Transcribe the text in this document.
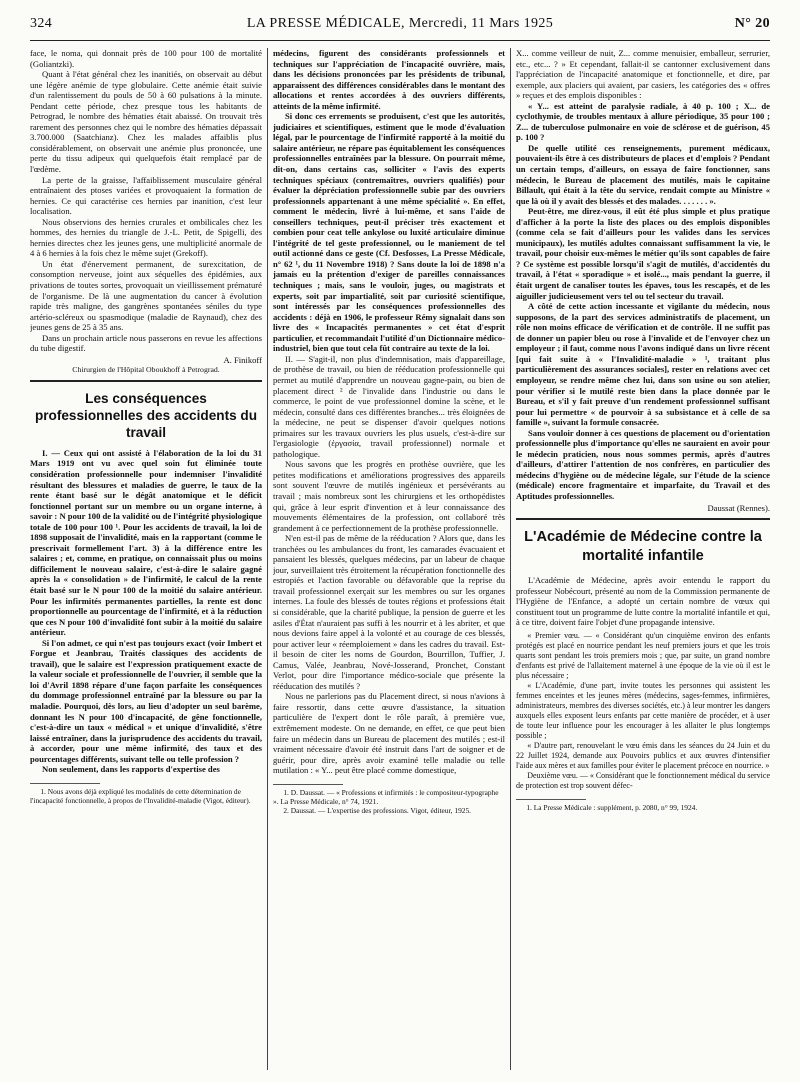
324	LA PRESSE MÉDICALE, Mercredi, 11 Mars 1925	N° 20

face, le noma, qui donnait près de 100 pour 100 de mortalité (Goliantzki).

Quant à l'état général chez les inanitiés, on observait au début une légère anémie de type globulaire. Cette anémie était suivie d'un ralentissement du pouls de 50 à 60 pulsations à la minute. Pendant cette période, chez presque tous les habitants de Petrograd, le nombre des hématies était abaissé. On trouvait très rarement des personnes chez qui le nombre des hématies dépassait 3.700.000 (Saatchianz). Chez les malades affaiblis plus considérablement, on observait une anémie plus prononcée, une perte du tissu adipeux qui quelquefois était remplacé par de l'œdème.

La perte de la graisse, l'affaiblissement musculaire général entraînaient des ptoses variées et provoquaient la formation de hernies. Ce qui caractérise ces hernies par inanition, c'est leur localisation.

Nous observions des hernies crurales et ombilicales chez les hommes, des hernies du triangle de J.-L. Petit, de Spigelli, des hernies directes chez les jeunes gens, une multiplicité anormale de 4 à 6 hernies à la fois chez le même sujet (Grekoff).

Un état d'énervement permanent, de surexcitation, de consomption nerveuse, joint aux séquelles des épidémies, aux privations de toutes sortes, provoquait un vieillissement prématuré de l'organisme. De là une augmentation du cancer à évolution rapide très maligne, des gangrènes spontanées séniles du type artério-scléreux ou spasmodique (maladie de Raynaud), chez des jeunes gens de 25 à 35 ans.

Dans un prochain article nous passerons en revue les affections du tube digestif.

A. Finikoff

Chirurgien de l'Hôpital Oboukhoff à Petrograd.

Les conséquences professionnelles des accidents du travail

I. — Ceux qui ont assisté à l'élaboration de la loi du 31 Mars 1919 ont vu avec quel soin fut éliminée toute considération professionnelle pour indemniser l'invalidité résultant des blessures et maladies de guerre, le taux de la rente étant basé sur le dégât anatomique et le déficit fonctionnel portant sur un membre ou un organe interne, à savoir : N pour 100 de la validité ou de l'intégrité physiologique totale de 100 pour 100 ¹. Pour les accidents de travail, la loi de 1898 supposait de l'invalidité, mais en la rapportant (comme le prescrivait formellement l'art. 3) à la différence entre les salaires ; et, comme, en pratique, on connaissait plus ou moins difficilement le nouveau salaire, c'est-à-dire le salaire gagné après la « consolidation » de l'infirmité, le calcul de la rente était basé sur le N pour 100 de la moitié du salaire antérieur. Pour les infirmités permanentes partielles, la rente est donc proportionnelle au pourcentage de l'infirmité, et à la réduction que ces N pour 100 d'invalidité font subir à la moitié du salaire antérieur.

Si l'on admet, ce qui n'est pas toujours exact (voir Imbert et Forgue et Jeanbrau, Traités classiques des accidents de travail), que le salaire est l'expression pratiquement exacte de la valeur sociale et professionnelle de l'ouvrier, il semble que la loi d'Avril 1898 répare d'une façon parfaite les conséquences du dommage professionnel entraîné par la blessure ou par la maladie. Pourquoi, dès lors, au lieu d'adopter un seul barème, donnant les N pour 100 d'incapacité, de gêne fonctionnelle, c'est-à-dire un taux « médical » et unique d'invalidité, s'être laissé entraîner, dans la jurisprudence des accidents du travail, à accorder, pour une même infirmité, des taux et des pourcentages différents, suivant telle ou telle profession ?

Non seulement, dans les rapports d'expertise des

1. Nous avons déjà expliqué les modalités de cette détermination de l'incapacité fonctionnelle, à propos de l'Invalidité-maladie (Vigot, éditeur).

médecins, figurent des considérants professionnels et techniques sur l'appréciation de l'incapacité ouvrière, mais, dans les décisions prononcées par les présidents de tribunal, apparaissent des différences considérables dans le montant des allocations et rentes accordées à des ouvriers différents, atteints de la même infirmité.

Si donc ces errements se produisent, c'est que les autorités, judiciaires et scientifiques, estiment que le mode d'évaluation légal, par le pourcentage de l'infirmité rapporté à la moitié du salaire antérieur, ne répare pas équitablement les conséquences professionnelles entraînées par la blessure. On pourrait même, dit-on, dans certains cas, solliciter « l'avis des experts techniques spéciaux (contremaîtres, ouvriers qualifiés) pour évaluer la dépréciation professionnelle subie par des ouvriers professionnels appartenant à une même spécialité ». En effet, comment le médecin, livré à lui-même, et sans l'aide de conseillers techniques, peut-il préciser très exactement et combien pour ceat telle ankylose ou luxité articulaire diminue l'intégrité de tel geste professionnel, ou le maniement de tel outil actionné dans ce geste (Cf. Desfosses, La Presse Médicale, n° 62 ¹, du 11 Novembre 1918) ? Sans doute la loi de 1898 n'a jamais eu la prétention d'exiger de pareilles connaissances techniques ; mais, sans le vouloir, juges, ou magistrats et experts, soit par impartialité, soit par curiosité scientifique, sont intéressés par les conséquences professionnelles des accidents : déjà en 1906, le professeur Rémy signalait dans son livre des « Incapacités permanentes » cet état d'esprit particulier, et recommandait l'utilité d'un Dictionnaire médico-industriel, bien que tout cela fût contraire au texte de la loi.

II. — S'agit-il, non plus d'indemnisation, mais d'appareillage, de prothèse de travail, ou bien de rééducation professionnelle qui permet au mutilé d'apprendre un nouveau gagne-pain, ou bien de placement direct ² de l'invalide dans l'industrie ou dans le commerce, le point de vue professionnel domine la scène, et le médecin, consulté dans ces différentes branches... très éloignées de la médecine, ne peut se dispenser d'avoir quelques notions primaires sur les travaux ouvriers les plus usuels, c'est-à-dire sur l'ergasiologie (ἐργασία, travail professionnel) normale et pathologique.

Nous savons que les progrès en prothèse ouvrière, que les petites modifications et améliorations progressives des appareils sont souvent l'œuvre de mutilés ingénieux et persévérants au travail ; mais nombreux sont les chirurgiens et les orthopédistes qui, grâce à leur esprit d'invention et à leur connaissance des mouvements élémentaires de la profession, ont collaboré très grandement à ce perfectionnement de la prothèse professionnelle.

N'en est-il pas de même de la rééducation ? Alors que, dans les tranchées ou les ambulances du front, les camarades évacuaient et pansaient les blessés, quelques médecins, par un labeur de chaque jour, surveillaient très étroitement la récupération fonctionnelle des estropiés et l'action favorable ou défavorable que la reprise du travail professionnel exerçait sur les membres ou sur les organes internes. La foule des blessés de toutes régions et professions était si considérable, que la charité publique, la pension de guerre et les asiles d'État n'auraient pas suffi à les nourrir et à les abriter, et que nous devions faire appel à la volonté et au courage de ces blessés, pour activer leur « réemploiement » dans les cadres du travail. Est-il besoin de citer les noms de Gourdon, Bourrillon, Tuffier, J. Camus, Valée, Jeanbrau, Nové-Josserand, Pronchet, Constant Verlot, pour dire l'importance médico-sociale que présente la rééducation des mutilés ?

Nous ne parlerions pas du Placement direct, si nous n'avions à faire ressortir, dans cette œuvre d'assistance, la situation particulière de l'expert dont le rôle paraît, à première vue, extrêmement modeste. On ne demande, en effet, ce que peut bien faire un médecin dans un Bureau de placement des mutilés ; est-il vraiment nécessaire d'avoir été instruit dans l'art de soigner et de guérir, pour dire, après avoir examiné telle maladie ou telle mutilation : « Y... peut être placé comme domestique,

1. D. Daussat. — « Professions et infirmités : le compositeur-typographe ». La Presse Médicale, n° 74, 1921.

2. Daussat. — L'expertise des professions. Vigot, éditeur, 1925.

X... comme veilleur de nuit, Z... comme menuisier, emballeur, serrurier, etc., etc... ? » Et cependant, fallait-il se cantonner exclusivement dans l'appréciation de l'incapacité anatomique et fonctionnelle, et dire, par exemple, aux placiers qui avaient, par casiers, les catégories des « offres » reçues et des emplois disponibles :

« Y... est atteint de paralysie radiale, à 40 p. 100 ; X... de cyclothymie, de troubles mentaux à allure périodique, 35 pour 100 ; Z... de tuberculose pulmonaire en voie de sclérose et de guérison, 45 p. 100 ?

De quelle utilité ces renseignements, purement médicaux, pouvaient-ils être à ces distributeurs de places et d'emplois ? Pendant un certain temps, d'ailleurs, on essaya de faire fonctionner, sans médecin, le Bureau de placement des mutilés, mais le capitaine Billault, qui était à la tête du service, rendait compte au Ministre « que là où il y avait des blessés et des malades. . . . . . . ».

Peut-être, me direz-vous, il eût été plus simple et plus pratique d'afficher à la porte la liste des places ou des emplois disponibles (comme cela se fait d'ailleurs pour les valides dans les services municipaux), les mutilés adultes connaissant suffisamment la vie, le travail, pour choisir eux-mêmes le métier qu'ils sont capables de faire ? Ce système est possible lorsqu'il s'agit de mutilés, d'accidentés du travail, à l'état « sporadique » et isolé..., mais pendant la guerre, il était urgent de canaliser toutes les épaves, tous les rescapés, et de les aiguiller judicieusement vers tel ou tel secteur du travail.

A côté de cette action incessante et vigilante du médecin, nous supposons, de la part des services administratifs de placement, un rôle non moins efficace de vérification et de contrôle. Il ne suffit pas de donner un papier bleu ou rose à l'invalide et de l'envoyer chez un employeur ; il faut, comme nous l'avons indiqué dans un livre récent [qui fait suite à « l'Invalidité-maladie » ¹, traitant plus particulièrement des assurances sociales], rester en relations avec cet employeur, se rendre même chez lui, dans son usine ou son atelier, pour vérifier si le mutilé reste bien dans la place donnée par le Bureau, et s'il y fait preuve d'un rendement professionnel suffisant pour lui permettre « de pourvoir à sa subsistance et à celle de sa famille », suivant la formule consacrée.

Sans vouloir donner à ces questions de placement ou d'orientation professionnelle plus d'importance qu'elles ne sauraient en avoir pour le médecin praticien, nous nous sommes permis, après d'autres d'ailleurs, d'attirer l'attention de nos confrères, en particulier des médecins d'hygiène ou de médecine légale, sur l'étude de la science (médicale) encore fragmentaire et imparfaite, du Travail et des Aptitudes professionnelles.

Daussat (Rennes).

L'Académie de Médecine contre la mortalité infantile

L'Académie de Médecine, après avoir entendu le rapport du professeur Nobécourt, présenté au nom de la Commission permanente de l'Hygiène de l'Enfance, a adopté un certain nombre de vœux qui constituent tout un programme de lutte contre la mortalité infantile et qui, à ce titre, doivent faire l'objet d'une propagande intensive.

« Premier vœu. — « Considérant qu'un cinquième environ des enfants protégés est placé en nourrice pendant les neuf premiers jours et que les trois quarts sont pendant les trois premiers mois ; que, par suite, un grand nombre d'enfants est privé de l'allaitement maternel à une époque de la vie où il est le plus nécessaire ;

« L'Académie, d'une part, invite toutes les personnes qui assistent les femmes enceintes et les jeunes mères (médecins, sages-femmes, infirmières, administrateurs, membres des diverses sociétés, etc.) à leur montrer les dangers auxquels elles exposent leurs enfants par cette manière de procéder, et à user de toute leur influence pour les encourager à les allaiter le plus longtemps possible ;

« D'autre part, renouvelant le vœu émis dans les séances du 24 Juin et du 22 Juillet 1924, demande aux Pouvoirs publics et aux œuvres d'intensifier l'aide aux mères et aux familles pour éviter le placement précoce en nourrice. »

Deuxième vœu. — « Considérant que le fonctionnement médical du service de protection est trop souvent défec-

1. La Presse Médicale : supplément, p. 2080, n° 99, 1924.
